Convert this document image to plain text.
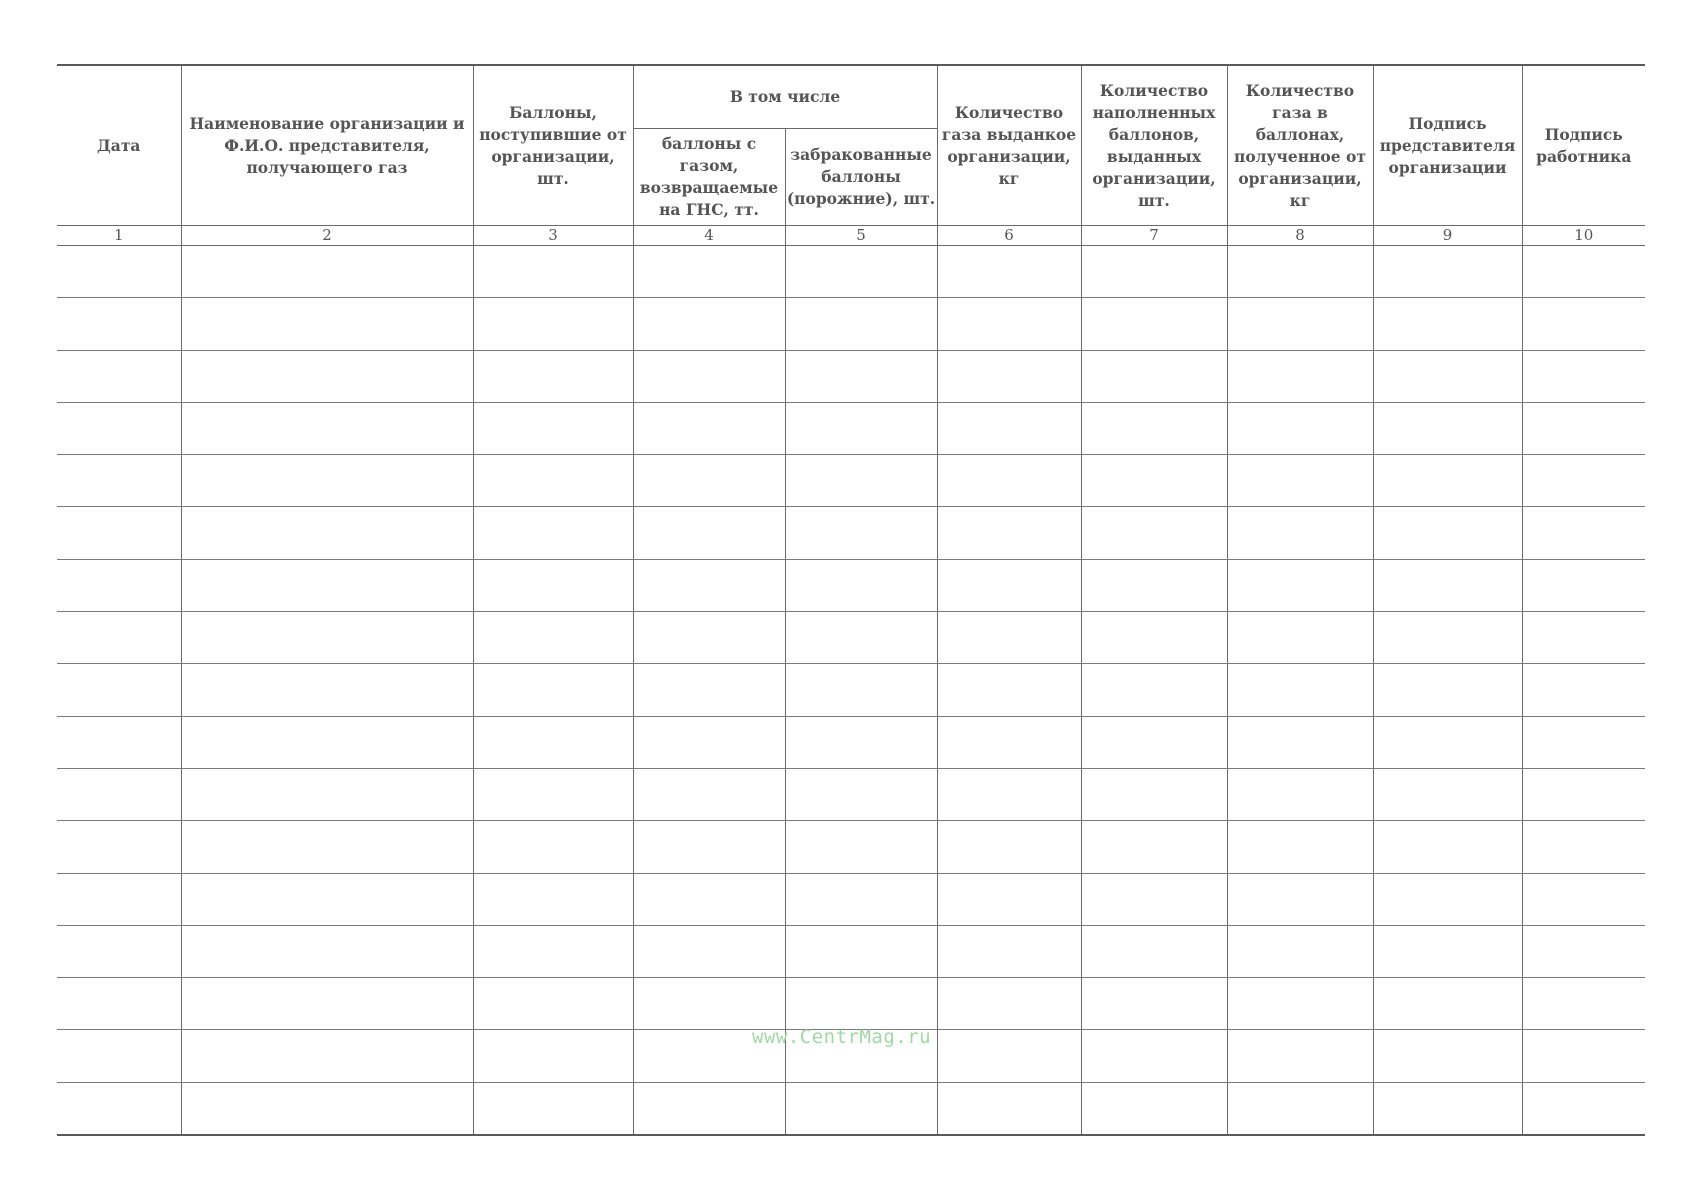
Дата	Наименование организации и Ф.И.О. представителя, получающего газ	Баллоны, поступившие от организации, шт.	В том числе		Количество газа выданкое организации, кг	Количество наполненных баллонов, выданных организации, шт.	Количество газа в баллонах, полученное от организации, кг	Подпись представителя организации	Подпись работника
			баллоны с газом, возвращаемые на ГНС, тт.	забракованные баллоны (порожние), шт.					
1	2	3	4	5	6	7	8	9	10

www.CentrMag.ru
